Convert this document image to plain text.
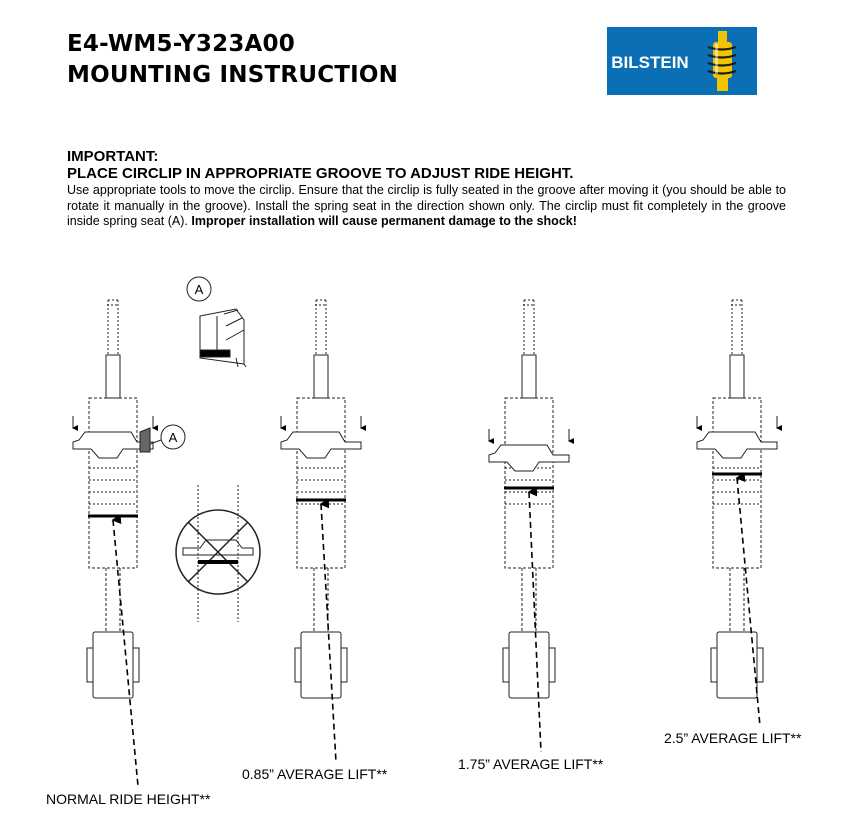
E4-WM5-Y323A00
MOUNTING INSTRUCTION	BILSTEIN
IMPORTANT:
PLACE CIRCLIP IN APPROPRIATE GROOVE TO ADJUST RIDE HEIGHT.
Use appropriate tools to move the circlip. Ensure that the circlip is fully seated in the groove after moving it (you should be able to rotate it manually in the groove). Install the spring seat in the direction shown only. The circlip must fit completely in the groove inside spring seat (A). Improper installation will cause permanent damage to the shock!
A
A
NORMAL RIDE HEIGHT**
0.85” AVERAGE LIFT**
1.75” AVERAGE LIFT**
2.5” AVERAGE LIFT**
